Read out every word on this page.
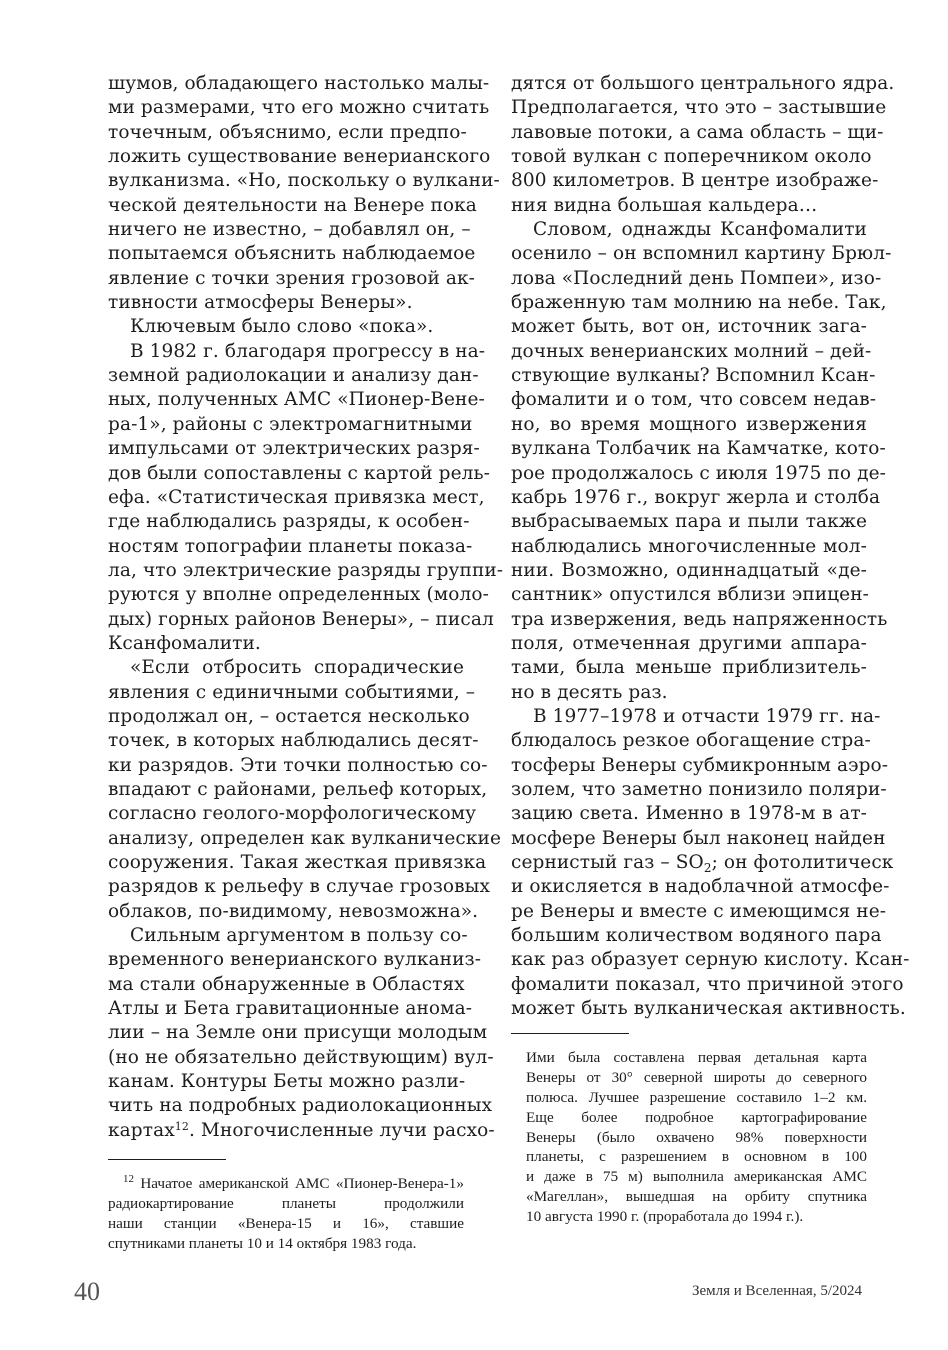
шумов, обладающего настолько малы-
ми размерами, что его можно считать
точечным, объяснимо, если предпо-
ложить существование венерианского
вулканизма. «Но, поскольку о вулкани-
ческой деятельности на Венере пока
ничего не известно, – добавлял он, –
попытаемся объяснить наблюдаемое
явление с точки зрения грозовой ак-
тивности атмосферы Венеры».
Ключевым было слово «пока».
В 1982 г. благодаря прогрессу в на-
земной радиолокации и анализу дан-
ных, полученных АМС «Пионер-Вене-
ра-1», районы с электромагнитными
импульсами от электрических разря-
дов были сопоставлены с картой рель-
ефа. «Статистическая привязка мест,
где наблюдались разряды, к особен-
ностям топографии планеты показа-
ла, что электрические разряды группи-
руются у вполне определенных (моло-
дых) горных районов Венеры», – писал
Ксанфомалити.
«Если отбросить спорадические
явления с единичными событиями, –
продолжал он, – остается несколько
точек, в которых наблюдались десят-
ки разрядов. Эти точки полностью со-
впадают с районами, рельеф которых,
согласно геолого-морфологическому
анализу, определен как вулканические
сооружения. Такая жесткая привязка
разрядов к рельефу в случае грозовых
облаков, по-видимому, невозможна».
Сильным аргументом в пользу со-
временного венерианского вулканиз-
ма стали обнаруженные в Областях
Атлы и Бета гравитационные анома-
лии – на Земле они присущи молодым
(но не обязательно действующим) вул-
канам. Контуры Беты можно разли-
чить на подробных радиолокационных
картах$^{12}$. Многочисленные лучи расхо-
$^{12}$ Начатое американской АМС «Пионер-Венера-1»
радиокартирование планеты продолжили
наши станции «Венера-15 и 16», ставшие
спутниками планеты 10 и 14 октября 1983 года.
дятся от большого центрального ядра.
Предполагается, что это – застывшие
лавовые потоки, а сама область – щи-
товой вулкан с поперечником около
800 километров. В центре изображе-
ния видна большая кальдера…
Словом, однажды Ксанфомалити
осенило – он вспомнил картину Брюл-
лова «Последний день Помпеи», изо-
браженную там молнию на небе. Так,
может быть, вот он, источник зага-
дочных венерианских молний – дей-
ствующие вулканы? Вспомнил Ксан-
фомалити и о том, что совсем недав-
но, во время мощного извержения
вулкана Толбачик на Камчатке, кото-
рое продолжалось с июля 1975 по де-
кабрь 1976 г., вокруг жерла и столба
выбрасываемых пара и пыли также
наблюдались многочисленные мол-
нии. Возможно, одиннадцатый «де-
сантник» опустился вблизи эпицен-
тра извержения, ведь напряженность
поля, отмеченная другими аппара-
тами, была меньше приблизитель-
но в десять раз.
В 1977–1978 и отчасти 1979 гг. на-
блюдалось резкое обогащение стра-
тосферы Венеры субмикронным аэро-
золем, что заметно понизило поляри-
зацию света. Именно в 1978-м в ат-
мосфере Венеры был наконец найден
сернистый газ – $SO_2$; он фотолитическ
и окисляется в надоблачной атмосфе-
ре Венеры и вместе с имеющимся не-
большим количеством водяного пара
как раз образует серную кислоту. Ксан-
фомалити показал, что причиной этого
может быть вулканическая активность.
Ими была составлена первая детальная карта
Венеры от 30° северной широты до северного
полюса. Лучшее разрешение составило 1–2 км.
Еще более подробное картографирование
Венеры (было охвачено 98% поверхности
планеты, с разрешением в основном в 100
и даже в 75 м) выполнила американская АМС
«Магеллан», вышедшая на орбиту спутника
10 августа 1990 г. (проработала до 1994 г.).
40	Земля и Вселенная, 5/2024
